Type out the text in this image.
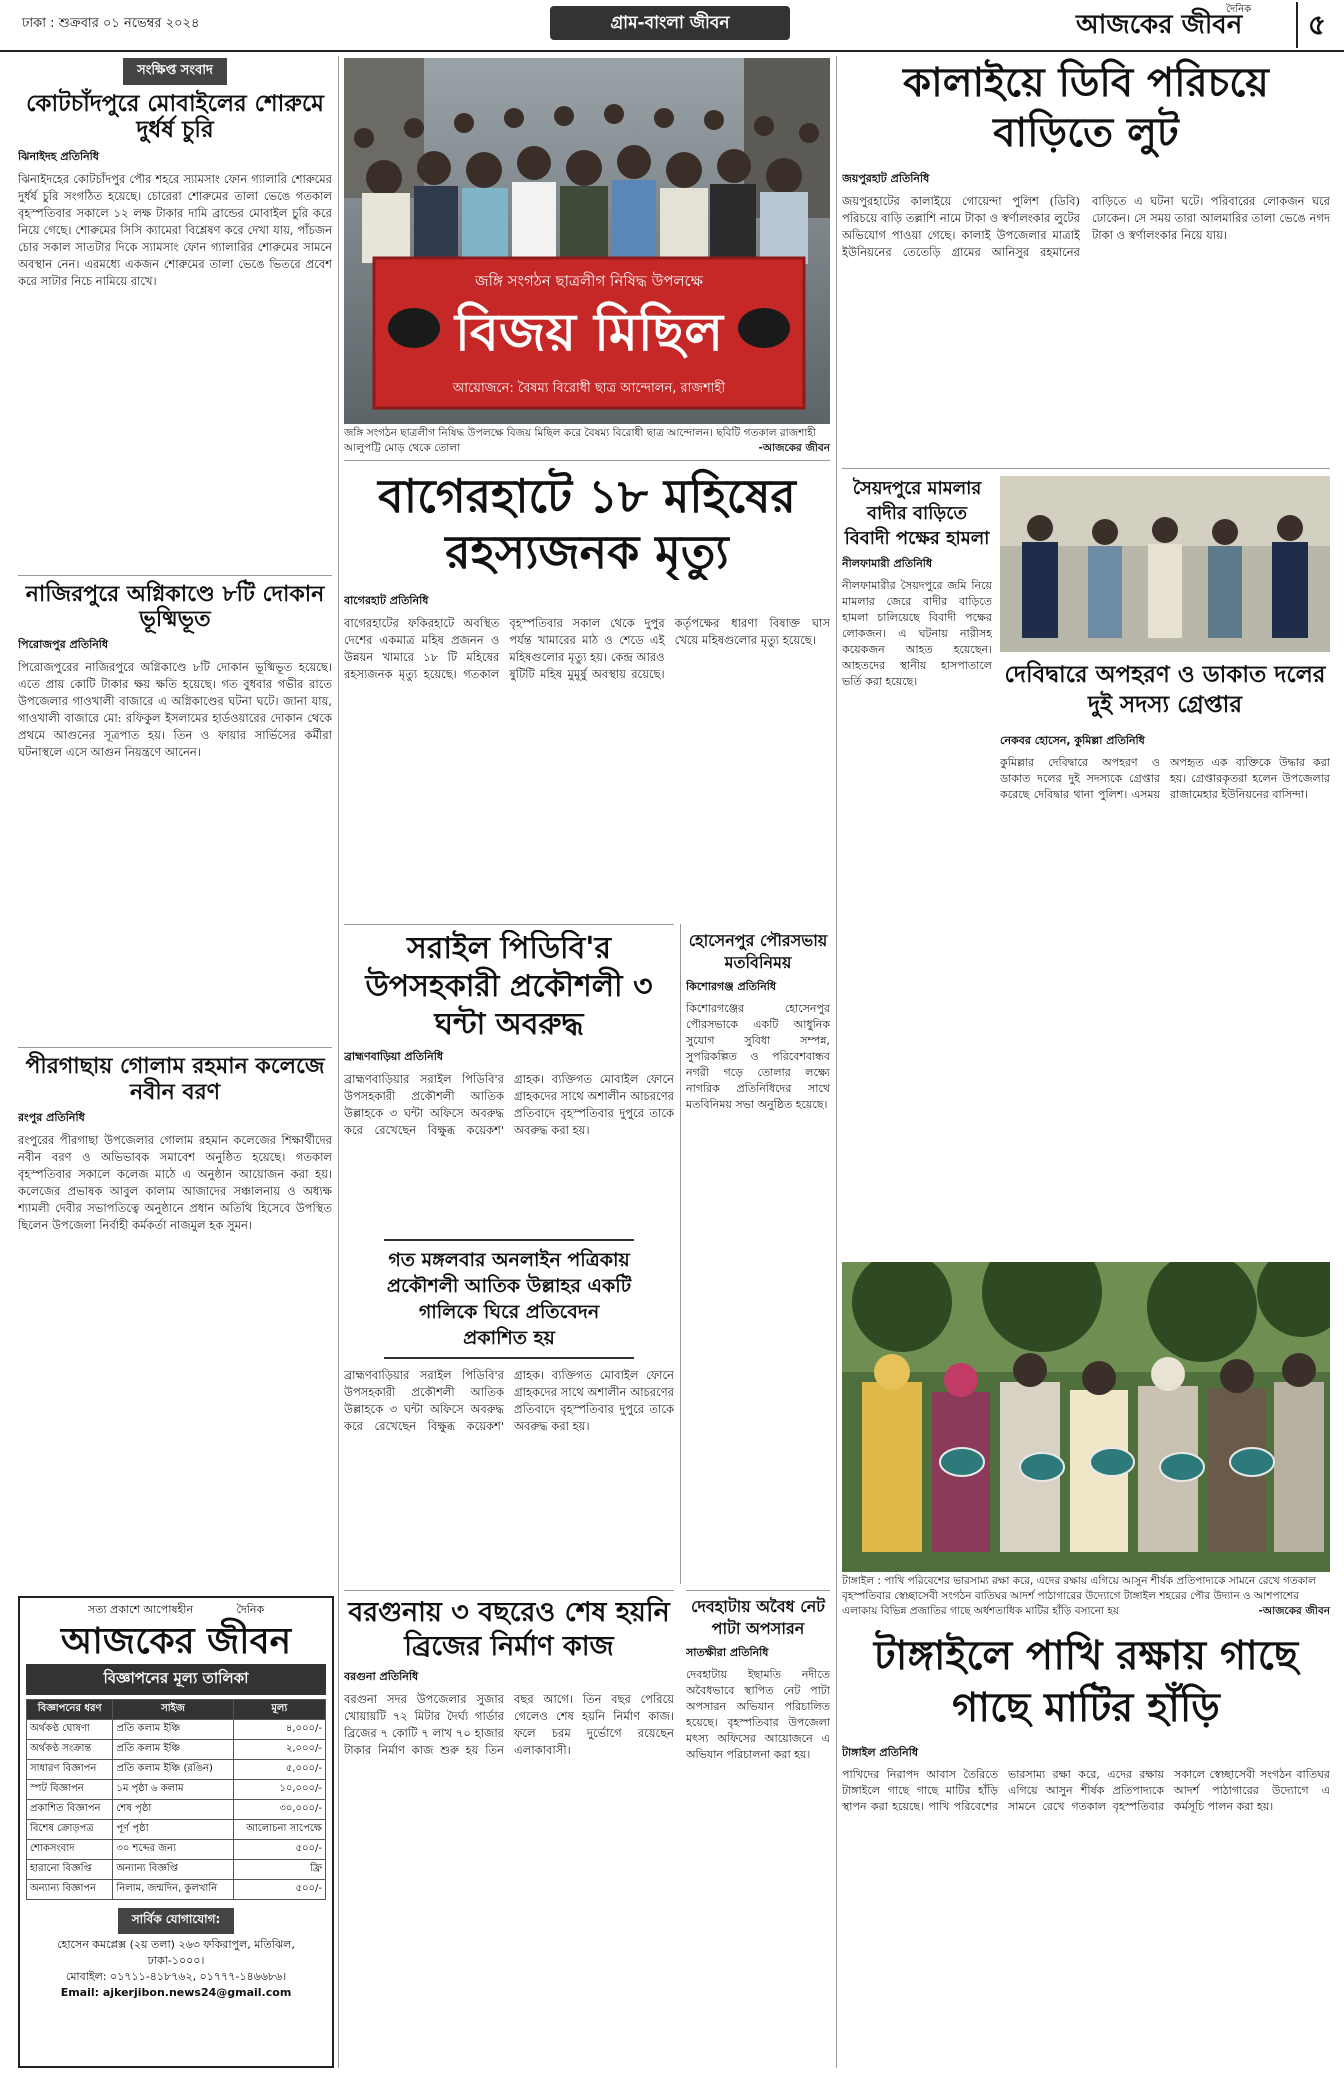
ঢাকা : শুক্রবার ০১ নভেম্বর ২০২৪	গ্রাম-বাংলা জীবন
দৈনিক
আজকের জীবন	৫
সংক্ষিপ্ত সংবাদ
কোটচাঁদপুরে মোবাইলের শোরুমে দুর্ধর্ষ চুরি
ঝিনাইদহ প্রতিনিধি
ঝিনাইদহের কোটচাঁদপুর পৌর শহরে স্যামসাং ফোন গ্যালারি শোরুমের দুর্ধর্ষ চুরি সংগঠিত হয়েছে। চোরেরা শোরুমের তালা ভেঙে গতকাল বৃহস্পতিবার সকালে ১২ লক্ষ টাকার দামি ব্রান্ডের মোবাইল চুরি করে নিয়ে গেছে। শোরুমের সিসি ক্যামেরা বিশ্লেষণ করে দেখা যায়, পাঁচজন চোর সকাল সাতটার দিকে স্যামসাং ফোন গ্যালারির শোরুমের সামনে অবস্থান নেন। এরমধ্যে একজন শোরুমের তালা ভেঙে ভিতরে প্রবেশ করে সাটার নিচে নামিয়ে রাখে।
নাজিরপুরে অগ্নিকাণ্ডে ৮টি দোকান ভূষ্মিভূত
পিরোজপুর প্রতিনিধি
পিরোজপুরের নাজিরপুরে অগ্নিকাণ্ডে ৮টি দোকান ভূষ্মিভূত হয়েছে। এতে প্রায় কোটি টাকার ক্ষয় ক্ষতি হয়েছে। গত বুধবার গভীর রাতে উপজেলার গাওখালী বাজারে এ অগ্নিকাণ্ডের ঘটনা ঘটে। জানা যায়, গাওখালী বাজারে মো: রফিকুল ইসলামের হার্ডওয়ারের দোকান থেকে প্রথমে আগুনের সূত্রপাত হয়। তিন ও ফায়ার সার্ভিসের কর্মীরা ঘটনাস্থলে এসে আগুন নিয়ন্ত্রণে আনেন।
পীরগাছায় গোলাম রহমান কলেজে নবীন বরণ
রংপুর প্রতিনিধি
রংপুরের পীরগাছা উপজেলার গোলাম রহমান কলেজের শিক্ষার্থীদের নবীন বরণ ও অভিভাবক সমাবেশ অনুষ্ঠিত হয়েছে। গতকাল বৃহস্পতিবার সকালে কলেজ মাঠে এ অনুষ্ঠান আয়োজন করা হয়। কলেজের প্রভাষক আবুল কালাম আজাদের সঞ্চালনায় ও অধ্যক্ষ শ্যামলী দেবীর সভাপতিত্বে অনুষ্ঠানে প্রধান অতিথি হিসেবে উপস্থিত ছিলেন উপজেলা নির্বাহী কর্মকর্তা নাজমুল হক সুমন।
সত্য প্রকাশে আপোষহীন	দৈনিক
আজকের জীবন
বিজ্ঞাপনের মূল্য তালিকা
বিজ্ঞাপনের ধরণ	সাইজ	মূল্য
অর্থকণ্ঠ ঘোষণা	প্রতি কলাম ইঞ্চি	৪,০০০/-
অর্থকণ্ঠ সংক্রান্ত	প্রতি কলাম ইঞ্চি	২,০০০/-
সাধারণ বিজ্ঞাপন	প্রতি কলাম ইঞ্চি (রঙিন)	৫,০০০/-
স্পট বিজ্ঞাপন	১ম পৃষ্ঠা ৬ কলাম	১০,০০০/-
প্রকাশিত বিজ্ঞাপন	শেষ পৃষ্ঠা	৩০,০০০/-
বিশেষ ক্রোড়পত্র	পূর্ণ পৃষ্ঠা	আলোচনা সাপেক্ষে
শোকসংবাদ	৩০ শব্দের জন্য	৫০০/-
হারানো বিজ্ঞপ্তি	অন্যান্য বিজ্ঞপ্তি	ফ্রি
অন্যান্য বিজ্ঞাপন	নিলাম, জন্মদিন, কুলখানি	৫০০/-
সার্বিক যোগাযোগ:
হোসেন কমপ্লেক্স (২য় তলা) ২৬৩ ফকিরাপুল, মতিঝিল, ঢাকা-১০০০।
মোবাইল: ০১৭১১-৪১৮৭৬২, ০১৭৭৭-১৪৬৬৮৬।
Email: ajkerjibon.news24@gmail.com
জঙ্গি সংগঠন ছাত্রলীগ নিষিদ্ধ উপলক্ষে
বিজয় মিছিল
আয়োজনে: বৈষম্য বিরোধী ছাত্র আন্দোলন, রাজশাহী
জঙ্গি সংগঠন ছাত্রলীগ নিষিদ্ধ উপলক্ষে বিজয় মিছিল করে বৈষম্য বিরোধী ছাত্র আন্দোলন। ছবিটি গতকাল রাজশাহী আলুপট্টি মোড় থেকে তোলা	-আজকের জীবন
বাগেরহাটে ১৮ মহিষের রহস্যজনক মৃত্যু
বাগেরহাট প্রতিনিধি
বাগেরহাটের ফকিরহাটে অবস্থিত দেশের একমাত্র মহিষ প্রজনন ও উন্নয়ন খামারে ১৮ টি মহিষের রহস্যজনক মৃত্যু হয়েছে। গতকাল বৃহস্পতিবার সকাল থেকে দুপুর পর্যন্ত খামারের মাঠ ও শেডে এই মহিষগুলোর মৃত্যু হয়। কেন্দ্র আরও ষুটিটি মহিষ মুমূর্ষু অবস্থায় রয়েছে। কর্তৃপক্ষের ধারণা বিষাক্ত ঘাস খেয়ে মহিষগুলোর মৃত্যু হয়েছে।
সরাইল পিডিবি'র উপসহকারী প্রকৌশলী ৩ ঘন্টা অবরুদ্ধ
ব্রাহ্মণবাড়িয়া প্রতিনিধি
ব্রাহ্মণবাড়িয়ার সরাইল পিডিবি'র উপসহকারী প্রকৌশলী আতিক উল্লাহকে ৩ ঘন্টা অফিসে অবরুদ্ধ করে রেখেছেন বিক্ষুব্ধ কয়েকশ' গ্রাহক। ব্যক্তিগত মোবাইল ফোনে গ্রাহকদের সাথে অশালীন আচরণের প্রতিবাদে বৃহস্পতিবার দুপুরে তাকে অবরুদ্ধ করা হয়।
গত মঙ্গলবার অনলাইন পত্রিকায় প্রকৌশলী আতিক উল্লাহর একটি গালিকে ঘিরে প্রতিবেদন প্রকাশিত হয়
ব্রাহ্মণবাড়িয়ার সরাইল পিডিবি'র উপসহকারী প্রকৌশলী আতিক উল্লাহকে ৩ ঘন্টা অফিসে অবরুদ্ধ করে রেখেছেন বিক্ষুব্ধ কয়েকশ' গ্রাহক। ব্যক্তিগত মোবাইল ফোনে গ্রাহকদের সাথে অশালীন আচরণের প্রতিবাদে বৃহস্পতিবার দুপুরে তাকে অবরুদ্ধ করা হয়।
হোসেনপুর পৌরসভায় মতবিনিময়
কিশোরগঞ্জ প্রতিনিধি
কিশোরগঞ্জের হোসেনপুর পৌরসভাকে একটি আধুনিক সুযোগ সুবিধা সম্পন্ন, সুপরিকল্পিত ও পরিবেশবান্ধব নগরী গড়ে তোলার লক্ষ্যে নাগরিক প্রতিনিধিদের সাথে মতবিনিময় সভা অনুষ্ঠিত হয়েছে।
বরগুনায় ৩ বছরেও শেষ হয়নি ব্রিজের নির্মাণ কাজ
বরগুনা প্রতিনিধি
বরগুনা সদর উপজেলার সুজার খোয়ায়টি ৭২ মিটার দৈর্ঘ্য গার্ডার ব্রিজের ৭ কোটি ৭ লাখ ৭০ হাজার টাকার নির্মাণ কাজ শুরু হয় তিন বছর আগে। তিন বছর পেরিয়ে গেলেও শেষ হয়নি নির্মাণ কাজ। ফলে চরম দুর্ভোগে রয়েছেন এলাকাবাসী।
দেবহাটায় অবৈধ নেট পাটা অপসারন
সাতক্ষীরা প্রতিনিধি
দেবহাটায় ইছামতি নদীতে অবৈধভাবে স্থাপিত নেট পাটা অপসারন অভিযান পরিচালিত হয়েছে। বৃহস্পতিবার উপজেলা মৎস্য অফিসের আয়োজনে এ অভিযান পরিচালনা করা হয়।
কালাইয়ে ডিবি পরিচয়ে বাড়িতে লুট
জয়পুরহাট প্রতিনিধি
জয়পুরহাটের কালাইয়ে গোয়েন্দা পুলিশ (ডিবি) পরিচয়ে বাড়ি তল্লাশি নামে টাকা ও স্বর্ণালংকার লুটের অভিযোগ পাওয়া গেছে। কালাই উপজেলার মাত্রাই ইউনিয়নের তেতেড়ি গ্রামের আনিসুর রহমানের বাড়িতে এ ঘটনা ঘটে। পরিবারের লোকজন ঘরে ঢোকেন। সে সময় তারা আলমারির তালা ভেঙে নগদ টাকা ও স্বর্ণালংকার নিয়ে যায়।
সৈয়দপুরে মামলার বাদীর বাড়িতে বিবাদী পক্ষের হামলা
নীলফামারী প্রতিনিধি
নীলফামারীর সৈয়দপুরে জমি নিয়ে মামলার জেরে বাদীর বাড়িতে হামলা চালিয়েছে বিবাদী পক্ষের লোকজন। এ ঘটনায় নারীসহ কয়েকজন আহত হয়েছেন। আহতদের স্থানীয় হাসপাতালে ভর্তি করা হয়েছে।	দেবিদ্বারে অপহরণ ও ডাকাত দলের দুই সদস্য গ্রেপ্তার
নেকবর হোসেন, কুমিল্লা প্রতিনিধি
কুমিল্লার দেবিদ্বারে অপহরণ ও ডাকাত দলের দুই সদস্যকে গ্রেপ্তার করেছে দেবিদ্বার থানা পুলিশ। এসময় অপহৃত এক ব্যক্তিকে উদ্ধার করা হয়। গ্রেপ্তারকৃতরা হলেন উপজেলার রাজামেহার ইউনিয়নের বাসিন্দা।
টাঙ্গাইল : পাখি পরিবেশের ভারসাম্য রক্ষা করে, এদের রক্ষায় এগিয়ে আসুন শীর্ষক প্রতিপাদ্যকে সামনে রেখে গতকাল বৃহস্পতিবার স্বেচ্ছাসেবী সংগঠন বাতিঘর আদর্শ পাঠাগারের উদ্যোগে টাঙ্গাইল শহরের পৌর উদ্যান ও আশপাশের এলাকায় বিভিন্ন প্রজাতির গাছে অর্ধশতাধিক মাটির হাঁড়ি বসানো হয়	-আজকের জীবন
টাঙ্গাইলে পাখি রক্ষায় গাছে গাছে মাটির হাঁড়ি
টাঙ্গাইল প্রতিনিধি
পাখিদের নিরাপদ আবাস তৈরিতে টাঙ্গাইলে গাছে গাছে মাটির হাঁড়ি স্থাপন করা হয়েছে। পাখি পরিবেশের ভারসাম্য রক্ষা করে, এদের রক্ষায় এগিয়ে আসুন শীর্ষক প্রতিপাদ্যকে সামনে রেখে গতকাল বৃহস্পতিবার সকালে স্বেচ্ছাসেবী সংগঠন বাতিঘর আদর্শ পাঠাগারের উদ্যোগে এ কর্মসূচি পালন করা হয়।
